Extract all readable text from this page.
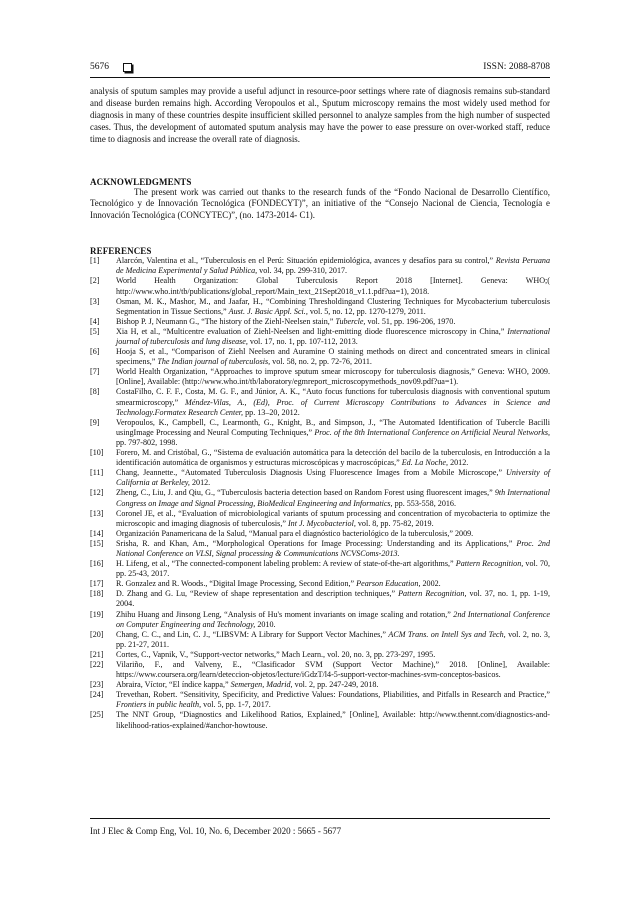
5676	ISSN: 2088-8708

analysis of sputum samples may provide a useful adjunct in resource-poor settings where rate of diagnosis remains sub-standard and disease burden remains high. According Veropoulos et al., Sputum microscopy remains the most widely used method for diagnosis in many of these countries despite insufficient skilled personnel to analyze samples from the high number of suspected cases. Thus, the development of automated sputum analysis may have the power to ease pressure on over-worked staff, reduce time to diagnosis and increase the overall rate of diagnosis.

ACKNOWLEDGMENTS

The present work was carried out thanks to the research funds of the “Fondo Nacional de Desarrollo Científico, Tecnológico y de Innovación Tecnológica (FONDECYT)”, an initiative of the “Consejo Nacional de Ciencia, Tecnología e Innovación Tecnológica (CONCYTEC)”, (no. 1473-2014- C1).

REFERENCES
[1]	Alarcón, Valentina et al., “Tuberculosis en el Perú: Situación epidemiológica, avances y desafíos para su control,” Revista Peruana de Medicina Experimental y Salud Pública, vol. 34, pp. 299-310, 2017.
[2]	World Health Organization: Global Tuberculosis Report 2018 [Internet]. Geneva: WHO;( http://www.who.int/tb/publications/global_report/Main_text_21Sept2018_v1.1.pdf?ua=1), 2018.
[3]	Osman, M. K., Mashor, M., and Jaafar, H., “Combining Thresholdingand Clustering Techniques for Mycobacterium tuberculosis Segmentation in Tissue Sections,” Aust. J. Basic Appl. Sci., vol. 5, no. 12, pp. 1270-1279, 2011.
[4]	Bishop P. J, Neumann G., “The history of the Ziehl-Neelsen stain,” Tubercle, vol. 51, pp. 196-206, 1970.
[5]	Xia H, et al., “Multicentre evaluation of Ziehl-Neelsen and light-emitting diode fluorescence microscopy in China,” International journal of tuberculosis and lung disease, vol. 17, no. 1, pp. 107-112, 2013.
[6]	Hooja S, et al., “Comparison of Ziehl Neelsen and Auramine O staining methods on direct and concentrated smears in clinical specimens,” The Indian journal of tuberculosis, vol. 58, no. 2, pp. 72-76, 2011.
[7]	World Health Organization, “Approaches to improve sputum smear microscopy for tuberculosis diagnosis,” Geneva: WHO, 2009. [Online], Available: (http://www.who.int/tb/laboratory/egmreport_microscopymethods_nov09.pdf?ua=1).
[8]	CostaFilho, C. F. F., Costa, M. G. F., and Júnior, A. K., “Auto focus functions for tuberculosis diagnosis with conventional sputum smearmicroscopy,” Méndez-Vilas, A., (Ed), Proc. of Current Microscopy Contributions to Advances in Science and Technology.Formatex Research Center, pp. 13–20, 2012.
[9]	Veropoulos, K., Campbell, C., Learmonth, G., Knight, B., and Simpson, J., “The Automated Identification of Tubercle Bacilli usingImage Processing and Neural Computing Techniques,” Proc. of the 8th International Conference on Artificial Neural Networks, pp. 797-802, 1998.
[10]	Forero, M. and Cristóbal, G., “Sistema de evaluación automática para la detección del bacilo de la tuberculosis, en Introducción a la identificación automática de organismos y estructuras microscópicas y macroscópicas,” Ed. La Noche, 2012.
[11]	Chang, Jeannette., “Automated Tuberculosis Diagnosis Using Fluorescence Images from a Mobile Microscope,” University of California at Berkeley, 2012.
[12]	Zheng, C., Liu, J. and Qiu, G., “Tuberculosis bacteria detection based on Random Forest using fluorescent images,” 9th International Congress on Image and Signal Processing, BioMedical Engineering and Informatics, pp. 553-558, 2016.
[13]	Coronel JE, et al., “Evaluation of microbiological variants of sputum processing and concentration of mycobacteria to optimize the microscopic and imaging diagnosis of tuberculosis,” Int J. Mycobacteriol, vol. 8, pp. 75-82, 2019.
[14]	Organización Panamericana de la Salud, “Manual para el diagnóstico bacteriológico de la tuberculosis,” 2009.
[15]	Srisha, R. and Khan, Am., “Morphological Operations for Image Processing: Understanding and its Applications,” Proc. 2nd National Conference on VLSI, Signal processing & Communications NCVSComs-2013.
[16]	H. Lifeng, et al., “The connected-component labeling problem: A review of state-of-the-art algorithms,” Pattern Recognition, vol. 70, pp. 25-43, 2017.
[17]	R. Gonzalez and R. Woods., “Digital Image Processing, Second Edition,” Pearson Education, 2002.
[18]	D. Zhang and G. Lu, “Review of shape representation and description techniques,” Pattern Recognition, vol. 37, no. 1, pp. 1-19, 2004.
[19]	Zhihu Huang and Jinsong Leng, “Analysis of Hu's moment invariants on image scaling and rotation,” 2nd International Conference on Computer Engineering and Technology, 2010.
[20]	Chang, C. C., and Lin, C. J., “LIBSVM: A Library for Support Vector Machines,” ACM Trans. on Intell Sys and Tech, vol. 2, no. 3, pp. 21-27, 2011.
[21]	Cortes, C., Vapnik, V., “Support-vector networks,” Mach Learn., vol. 20, no. 3, pp. 273-297, 1995.
[22]	Vilariño, F., and Valveny, E., “Clasificador SVM (Support Vector Machine),” 2018. [Online], Available: https://www.coursera.org/learn/deteccion-objetos/lecture/iGdzT/l4-5-support-vector-machines-svm-conceptos-basicos.
[23]	Abraira, Víctor, “El índice kappa,” Semergen, Madrid, vol. 2, pp. 247-249, 2018.
[24]	Trevethan, Robert. “Sensitivity, Specificity, and Predictive Values: Foundations, Pliabilities, and Pitfalls in Research and Practice,” Frontiers in public health, vol. 5, pp. 1-7, 2017.
[25]	The NNT Group, “Diagnostics and Likelihood Ratios, Explained,” [Online], Available: http://www.thennt.com/diagnostics-and-likelihood-ratios-explained/#anchor-howtouse.
Int J Elec & Comp Eng, Vol. 10, No. 6, December 2020 : 5665 - 5677
